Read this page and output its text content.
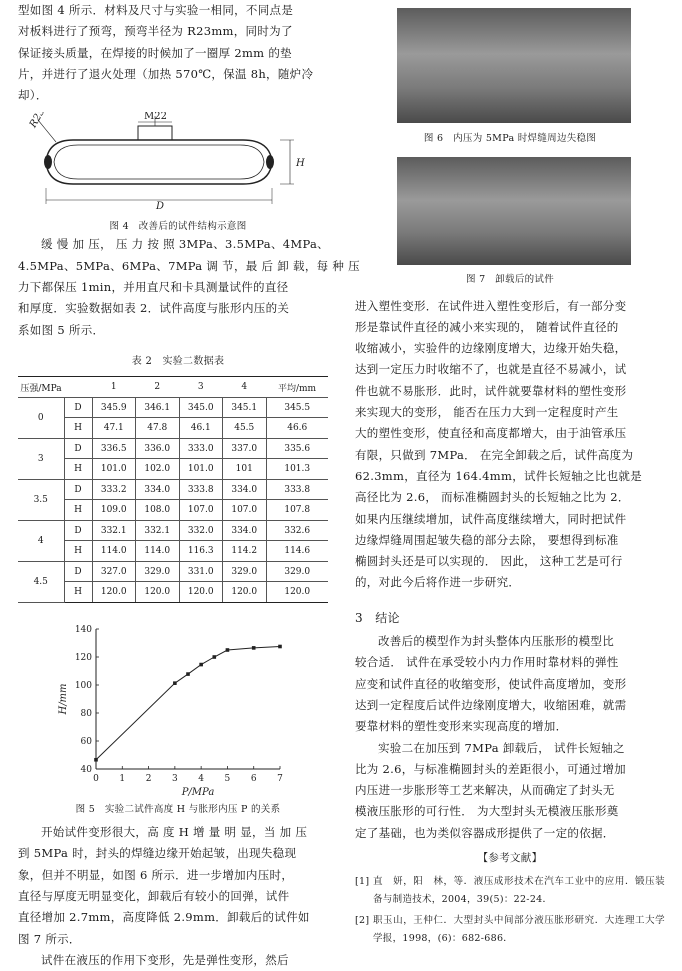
型如图 4 所示．材料及尺寸与实验一相同，不同点是

对板料进行了预弯，预弯半径为 R23mm，同时为了

保证接头质量，在焊接的时候加了一圈厚 2mm 的垫

片，并进行了退火处理（加热 570℃，保温 8h，随炉冷

却）．

R23	M22
H
D

图 4　改善后的试件结构示意图

缓 慢 加 压， 压 力 按 照 3MPa、3.5MPa、4MPa、

4.5MPa、5MPa、6MPa、7MPa 调 节，最 后 卸 载，每 种 压

力下都保压 1min，并用直尺和卡具测量试件的直径

和厚度．实验数据如表 2．试件高度与胀形内压的关

系如图 5 所示．

表 2　实验二数据表

压强/MPa		1	2	3	4	平均/mm
0	D	345.9	346.1	345.0	345.1	345.5
	H	47.1	47.8	46.1	45.5	46.6
3	D	336.5	336.0	333.0	337.0	335.6
	H	101.0	102.0	101.0	101	101.3
3.5	D	333.2	334.0	333.8	334.0	333.8
	H	109.0	108.0	107.0	107.0	107.8
4	D	332.1	332.1	332.0	334.0	332.6
	H	114.0	114.0	116.3	114.2	114.6
4.5	D	327.0	329.0	331.0	329.0	329.0
	H	120.0	120.0	120.0	120.0	120.0
0 1 2 3 4 5 6 7
40
60
80
100
120
140
P/MPa
H/mm

图 5　实验二试件高度 H 与胀形内压 P 的关系

开始试件变形很大，高 度 H 增 量 明 显，当 加 压

到 5MPa 时，封头的焊缝边缘开始起皱，出现失稳现

象，但并不明显，如图 6 所示．进一步增加内压时，

直径与厚度无明显变化，卸载后有较小的回弹，试件

直径增加 2.7mm，高度降低 2.9mm．卸载后的试件如

图 7 所示．

试件在液压的作用下变形，先是弹性变形，然后

图 6　内压为 5MPa 时焊缝周边失稳图

图 7　卸载后的试件

进入塑性变形．在试件进入塑性变形后，有一部分变

形是靠试件直径的减小来实现的， 随着试件直径的

收缩减小，实验件的边缘刚度增大，边缘开始失稳，

达到一定压力时收缩不了，也就是直径不易减小，试

件也就不易胀形．此时，试件就要靠材料的塑性变形

来实现大的变形， 能否在压力大到一定程度时产生

大的塑性变形，使直径和高度都增大，由于油管承压

有限，只做到 7MPa． 在完全卸载之后，试件高度为

62.3mm，直径为 164.4mm，试件长短轴之比也就是

高径比为 2.6， 而标准椭圆封头的长短轴之比为 2．

如果内压继续增加，试件高度继续增大，同时把试件

边缘焊缝周围起皱失稳的部分去除， 要想得到标准

椭圆封头还是可以实现的． 因此， 这种工艺是可行

的，对此今后将作进一步研究．

3　结论

改善后的模型作为封头整体内压胀形的模型比

较合适． 试件在承受较小内力作用时靠材料的弹性

应变和试件直径的收缩变形，使试件高度增加，变形

达到一定程度后试件边缘刚度增大，收缩困难，就需

要靠材料的塑性变形来实现高度的增加．

实验二在加压到 7MPa 卸载后， 试件长短轴之

比为 2.6，与标准椭圆封头的差距很小，可通过增加

内压进一步胀形等工艺来解决，从而确定了封头无

模液压胀形的可行性． 为大型封头无模液压胀形奠

定了基础，也为类似容器成形提供了一定的依据．

【参考文献】

[1] 直　妍，阳　林，等．液压成形技术在汽车工业中的应用．锻压装备与制造技术，2004，39(5)：22-24．

[2] 职玉山，王仲仁．大型封头中间部分液压胀形研究．大连理工大学学报，1998，(6)：682-686．
